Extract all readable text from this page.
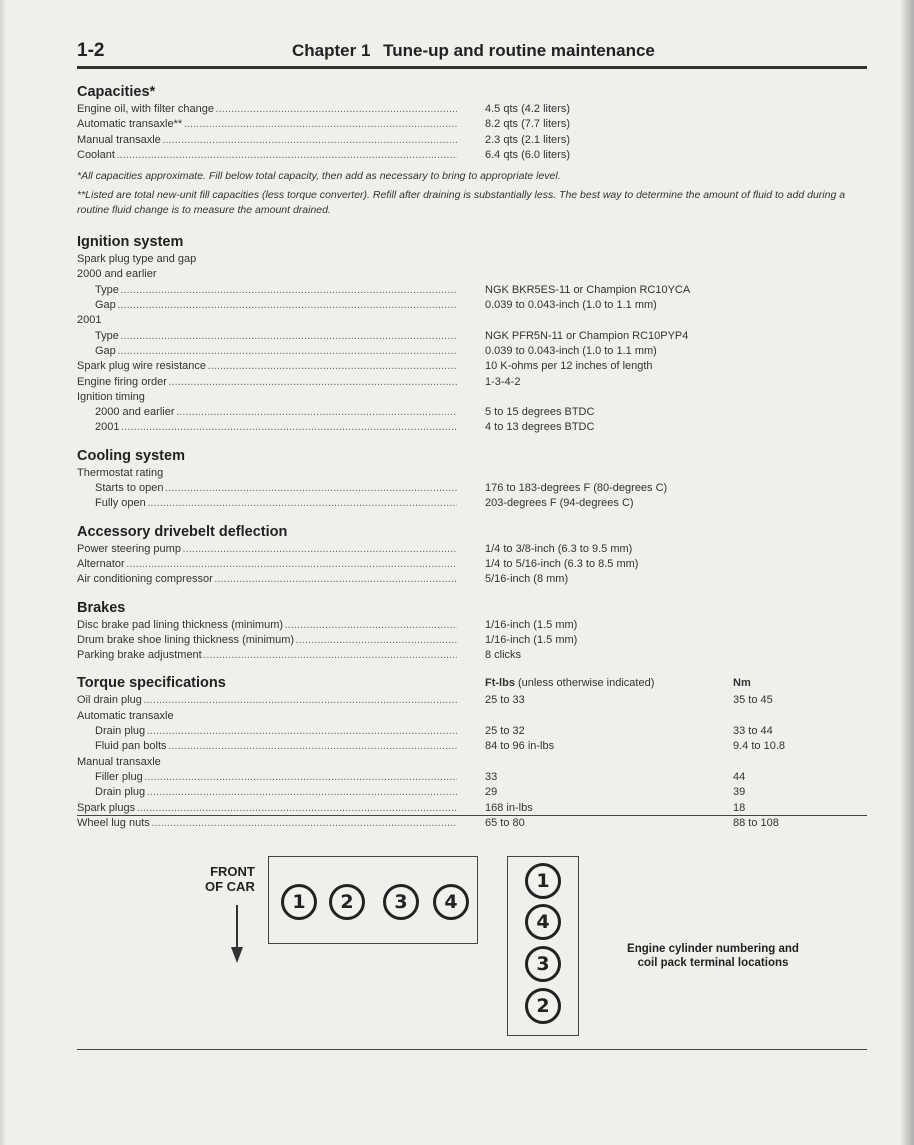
1-2	Chapter 1 Tune-up and routine maintenance
Capacities*
Engine oil, with filter change . . .	4.5 qts (4.2 liters)
Automatic transaxle** . . .	8.2 qts (7.7 liters)
Manual transaxle . . .	2.3 qts (2.1 liters)
Coolant . . .	6.4 qts (6.0 liters)
*All capacities approximate. Fill below total capacity, then add as necessary to bring to appropriate level.
**Listed are total new-unit fill capacities (less torque converter). Refill after draining is substantially less. The best way to determine the amount of fluid to add during a routine fluid change is to measure the amount drained.
Ignition system
Spark plug type and gap
2000 and earlier
Type . . .	NGK BKR5ES-11 or Champion RC10YCA
Gap . . .	0.039 to 0.043-inch (1.0 to 1.1 mm)
2001
Type . . .	NGK PFR5N-11 or Champion RC10PYP4
Gap . . .	0.039 to 0.043-inch (1.0 to 1.1 mm)
Spark plug wire resistance . . .	10 K-ohms per 12 inches of length
Engine firing order . . .	1-3-4-2
Ignition timing
2000 and earlier . . .	5 to 15 degrees BTDC
2001 . . .	4 to 13 degrees BTDC
Cooling system
Thermostat rating
Starts to open . . .	176 to 183-degrees F (80-degrees C)
Fully open . . .	203-degrees F (94-degrees C)
Accessory drivebelt deflection
Power steering pump . . .	1/4 to 3/8-inch (6.3 to 9.5 mm)
Alternator . . .	1/4 to 5/16-inch (6.3 to 8.5 mm)
Air conditioning compressor . . .	5/16-inch (8 mm)
Brakes
Disc brake pad lining thickness (minimum) . . .	1/16-inch (1.5 mm)
Drum brake shoe lining thickness (minimum) . . .	1/16-inch (1.5 mm)
Parking brake adjustment . . .	8 clicks
Torque specifications	Ft-lbs (unless otherwise indicated)	Nm
Oil drain plug . . .	25 to 33	35 to 45
Automatic transaxle
Drain plug . . .	25 to 32	33 to 44
Fluid pan bolts . . .	84 to 96 in-lbs	9.4 to 10.8
Manual transaxle
Filler plug . . .	33	44
Drain plug . . .	29	39
Spark plugs . . .	168 in-lbs	18
Wheel lug nuts . . .	65 to 80	88 to 108
FRONT
OF CAR
1	2	3	4
1
4
3
2
Engine cylinder numbering and coil pack terminal locations
